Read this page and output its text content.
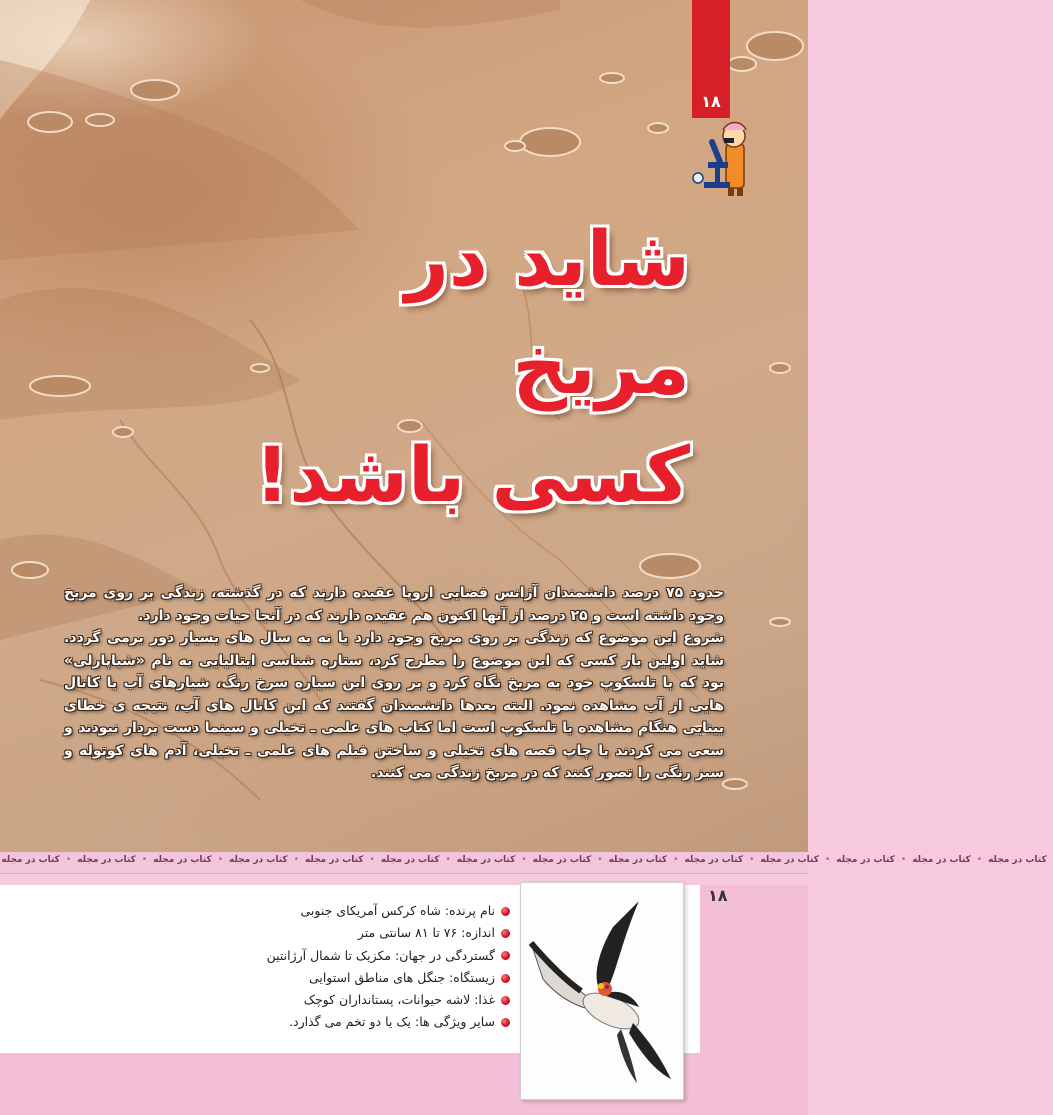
۱۸
شاید در
مریخ
کسی باشد!

حدود ۷۵ درصد دانشمندان آژانس فضایی اروپا عقیده دارند که در گذشته، زندگی بر روی مریخ وجود داشته است و ۲۵ درصد از آنها اکنون هم عقیده دارند که در آنجا حیات وجود دارد.

شروع این موضوع که زندگی بر روی مریخ وجود دارد یا نه به سال های بسیار دور برمی گردد. شاید اولین بار کسی که این موضوع را مطرح کرد، ستاره شناسی ایتالیایی به نام «شیاپارلی» بود که با تلسکوپ خود به مریخ نگاه کرد و بر روی این سیاره سرخ رنگ، شیارهای آب یا کانال هایی از آب مشاهده نمود. البته بعدها دانشمندان گفتند که این کانال های آب، نتیجه ی خطای بینایی هنگام مشاهده با تلسکوپ است اما کتاب های علمی ـ تخیلی و سینما دست بردار نبودند و سعی می کردند با چاپ قصه های تخیلی و ساختن فیلم های علمی ـ تخیلی، آدم های کوتوله و سبز رنگی را تصور کنند که در مریخ زندگی می کنند.

کتاب در مجله
•
کتاب در مجله
•
کتاب در مجله
•
کتاب در مجله
•
کتاب در مجله
•
کتاب در مجله
•
کتاب در مجله
•
کتاب در مجله
•
کتاب در مجله
•
کتاب در مجله
•
کتاب در مجله
•
کتاب در مجله
•
کتاب در مجله
•
کتاب در مجله
۱۸
نام پرنده: شاه کرکس آمریکای جنوبی
اندازه: ۷۶ تا ۸۱ سانتی متر
گستردگی در جهان: مکزیک تا شمال آرژانتین
زیستگاه: جنگل های مناطق استوایی
غذا: لاشه حیوانات، پستانداران کوچک
سایر ویژگی ها: یک یا دو تخم می گذارد.
